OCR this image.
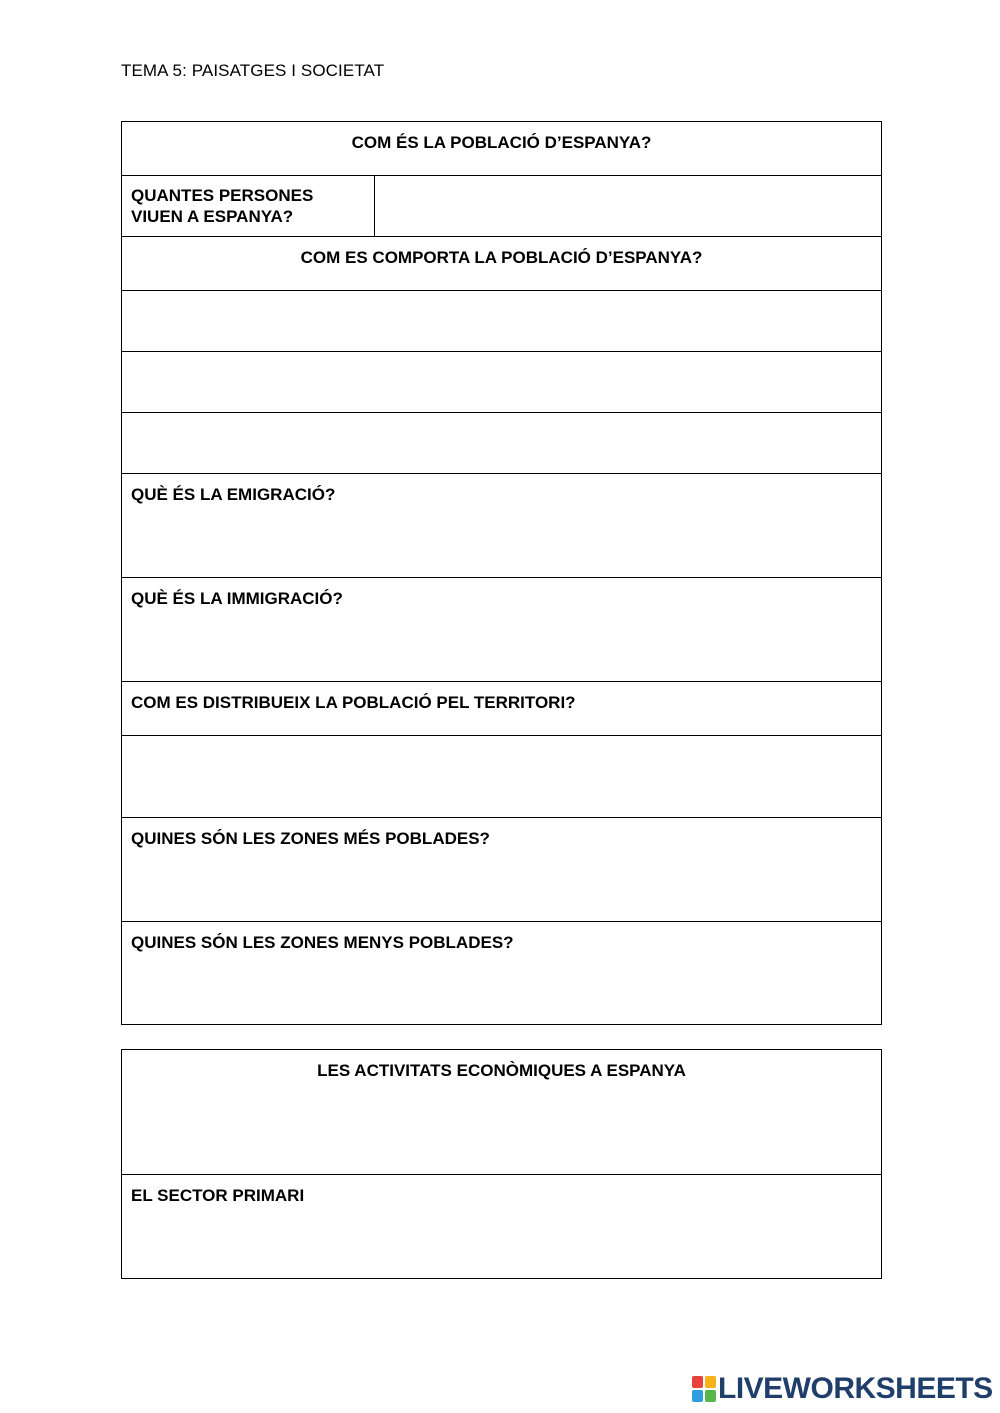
TEMA 5: PAISATGES I SOCIETAT
COM ÉS LA POBLACIÓ D’ESPANYA?

QUANTES PERSONES
VIUEN A ESPANYA?

COM ES COMPORTA LA POBLACIÓ D’ESPANYA?

QUÈ ÉS LA EMIGRACIÓ?

QUÈ ÉS LA IMMIGRACIÓ?

COM ES DISTRIBUEIX LA POBLACIÓ PEL TERRITORI?

QUINES SÓN LES ZONES MÉS POBLADES?

QUINES SÓN LES ZONES MENYS POBLADES?
LES ACTIVITATS ECONÒMIQUES A ESPANYA

EL SECTOR PRIMARI
LIVEWORKSHEETS
